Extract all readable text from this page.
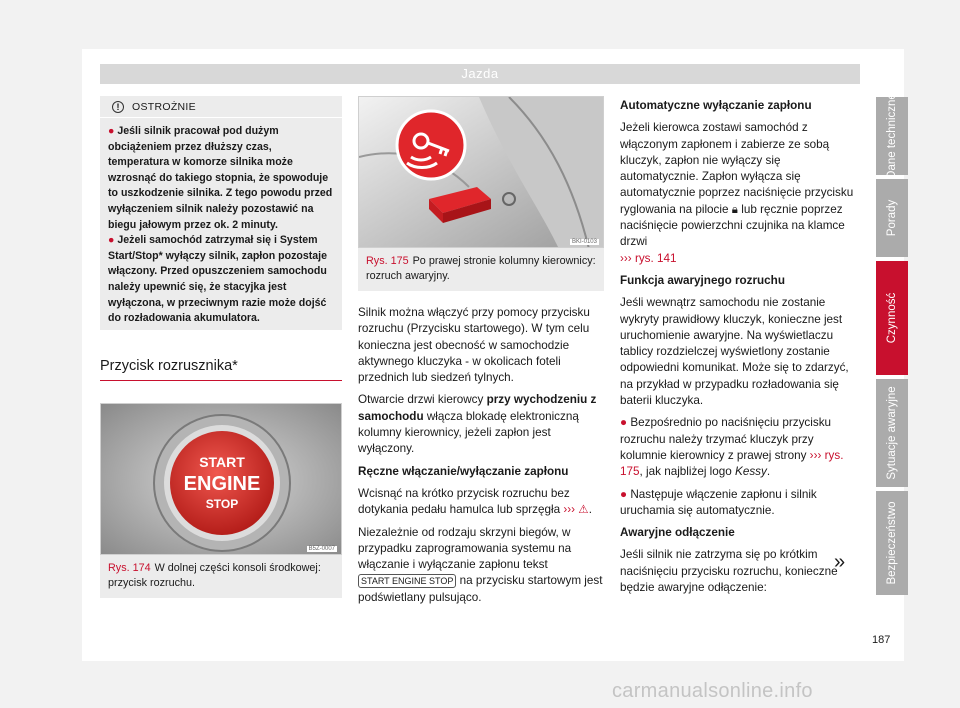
Jazda
!	OSTROŻNIE

● Jeśli silnik pracował pod dużym obciążeniem przez dłuższy czas, temperatura w komorze silnika może wzrosnąć do takiego stopnia, że spowoduje to uszkodzenie silnika. Z tego powodu przed wyłączeniem silnik należy pozostawić na biegu jałowym przez ok. 2 minuty.

● Jeżeli samochód zatrzymał się i System Start/Stop* wyłączy silnik, zapłon pozostaje włączony. Przed opuszczeniem samochodu należy upewnić się, że stacyjka jest wyłączona, w przeciwnym razie może dojść do rozładowania akumulatora.

Przycisk rozrusznika*
START
ENGINE
STOP
B5Z-0007
Rys. 174 W dolnej części konsoli środkowej: przycisk rozruchu.
BKI-0103
Rys. 175 Po prawej stronie kolumny kierownicy: rozruch awaryjny.

Silnik można włączyć przy pomocy przycisku rozruchu (Przycisku startowego). W tym celu konieczna jest obecność w samochodzie aktywnego kluczyka - w okolicach foteli przednich lub siedzeń tylnych.

Otwarcie drzwi kierowcy przy wychodzeniu z samochodu włącza blokadę elektroniczną kolumny kierownicy, jeżeli zapłon jest wyłączony.

Ręczne włączanie/wyłączanie zapłonu

Wcisnąć na krótko przycisk rozruchu bez dotykania pedału hamulca lub sprzęgła ››› ⚠.

Niezależnie od rodzaju skrzyni biegów, w przypadku zaprogramowania systemu na włączanie i wyłączanie zapłonu tekst START ENGINE STOP na przycisku startowym jest podświetlany pulsująco.

Automatyczne wyłączanie zapłonu

Jeżeli kierowca zostawi samochód z włączonym zapłonem i zabierze ze sobą kluczyk, zapłon nie wyłączy się automatycznie. Zapłon wyłącza się automatycznie poprzez naciśnięcie przycisku ryglowania na pilocie 🔒︎ lub ręcznie poprzez naciśnięcie powierzchni czujnika na klamce drzwi
››› rys. 141

Funkcja awaryjnego rozruchu

Jeśli wewnątrz samochodu nie zostanie wykryty prawidłowy kluczyk, konieczne jest uruchomienie awaryjne. Na wyświetlaczu tablicy rozdzielczej wyświetlony zostanie odpowiedni komunikat. Może się to zdarzyć, na przykład w przypadku rozładowania się baterii kluczyka.

● Bezpośrednio po naciśnięciu przycisku rozruchu należy trzymać kluczyk przy kolumnie kierownicy z prawej strony ››› rys. 175, jak najbliżej logo Kessy.

● Następuje włączenie zapłonu i silnik uruchamia się automatycznie.

Awaryjne odłączenie

Jeśli silnik nie zatrzyma się po krótkim naciśnięciu przycisku rozruchu, konieczne będzie awaryjne odłączenie:

»
Dane techniczne
Porady
Czynność
Sytuacje awaryjne
Bezpieczeństwo
187
carmanualsonline.info
